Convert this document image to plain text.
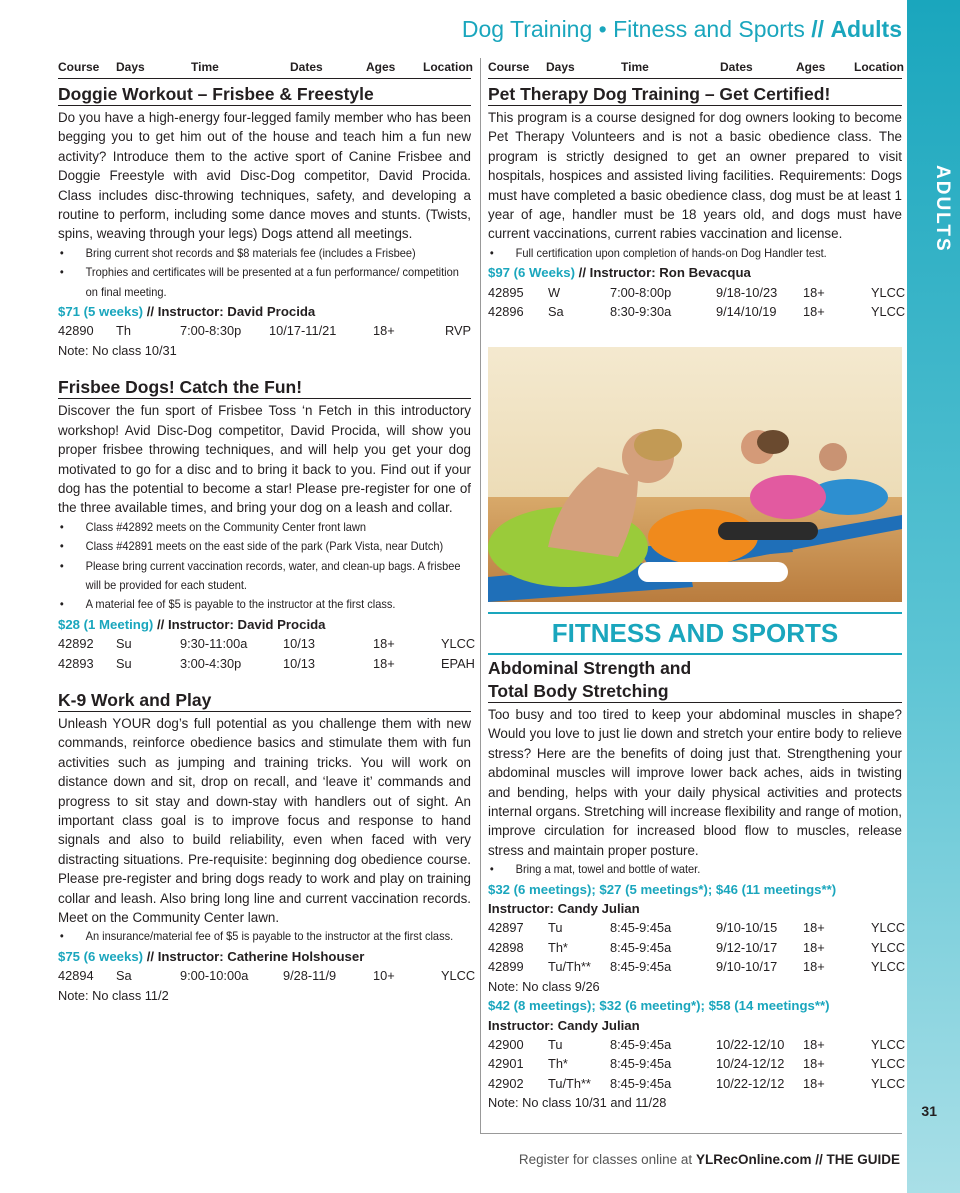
ADULTS
31
Dog Training • Fitness and Sports // Adults
Course	Days	Time	Dates	Ages	Location
Doggie Workout – Frisbee & Freestyle

Do you have a high-energy four-legged family member who has been begging you to get him out of the house and teach him a fun new activity? Introduce them to the active sport of Canine Frisbee and Doggie Freestyle with avid Disc-Dog competitor, David Procida. Class includes disc-throwing techniques, safety, and developing a routine to perform, including some dance moves and stunts. (Twists, spins, weaving through your legs) Dogs attend all meetings.

• Bring current shot records and $8 materials fee (includes a Frisbee)
• Trophies and certificates will be presented at a fun performance/ competition on final meeting.
$71 (5 weeks) // Instructor: David Procida
42890	Th	7:00-8:30p	10/17-11/21	18+	RVP
Note: No class 10/31
Frisbee Dogs! Catch the Fun!

Discover the fun sport of Frisbee Toss ‘n Fetch in this introductory workshop! Avid Disc-Dog competitor, David Procida, will show you proper frisbee throwing techniques, and will help you get your dog motivated to go for a disc and to bring it back to you. Find out if your dog has the potential to become a star! Please pre-register for one of the three available times, and bring your dog on a leash and collar.

• Class #42892 meets on the Community Center front lawn
• Class #42891 meets on the east side of the park (Park Vista, near Dutch)
• Please bring current vaccination records, water, and clean-up bags. A frisbee will be provided for each student.
• A material fee of $5 is payable to the instructor at the first class.
$28 (1 Meeting) // Instructor: David Procida
42892	Su	9:30-11:00a	10/13	18+	YLCC
42893	Su	3:00-4:30p	10/13	18+	EPAH
K-9 Work and Play

Unleash YOUR dog’s full potential as you challenge them with new commands, reinforce obedience basics and stimulate them with fun activities such as jumping and training tricks. You will work on distance down and sit, drop on recall, and ‘leave it’ commands and progress to sit stay and down-stay with handlers out of sight. An important class goal is to improve focus and response to hand signals and also to build reliability, even when faced with very distracting situations. Pre-requisite: beginning dog obedience course. Please pre-register and bring dogs ready to work and play on training collar and leash. Also bring long line and current vaccination records. Meet on the Community Center lawn.

• An insurance/material fee of $5 is payable to the instructor at the first class.
$75 (6 weeks) // Instructor: Catherine Holshouser
42894	Sa	9:00-10:00a	9/28-11/9	10+	YLCC
Note: No class 11/2
Course	Days	Time	Dates	Ages	Location
Pet Therapy Dog Training – Get Certified!

This program is a course designed for dog owners looking to become Pet Therapy Volunteers and is not a basic obedience class. The program is strictly designed to get an owner prepared to visit hospitals, hospices and assisted living facilities. Requirements: Dogs must have completed a basic obedience class, dog must be at least 1 year of age, handler must be 18 years old, and dogs must have current vaccinations, current rabies vaccination and license.

• Full certification upon completion of hands-on Dog Handler test.
$97 (6 Weeks) // Instructor: Ron Bevacqua
42895	W	7:00-8:00p	9/18-10/23	18+	YLCC
42896	Sa	8:30-9:30a	9/14/10/19	18+	YLCC
FITNESS AND SPORTS
Abdominal Strength and
Total Body Stretching

Too busy and too tired to keep your abdominal muscles in shape? Would you love to just lie down and stretch your entire body to relieve stress? Here are the benefits of doing just that. Strengthening your abdominal muscles will improve lower back aches, aids in twisting and bending, helps with your daily physical activities and protects internal organs. Stretching will increase flexibility and range of motion, improve circulation for increased blood flow to muscles, release stress and maintain proper posture.

• Bring a mat, towel and bottle of water.
$32 (6 meetings); $27 (5 meetings*); $46 (11 meetings**)
Instructor: Candy Julian
42897	Tu	8:45-9:45a	9/10-10/15	18+	YLCC
42898	Th*	8:45-9:45a	9/12-10/17	18+	YLCC
42899	Tu/Th**	8:45-9:45a	9/10-10/17	18+	YLCC
Note: No class 9/26
$42 (8 meetings); $32 (6 meeting*); $58 (14 meetings**)
Instructor: Candy Julian
42900	Tu	8:45-9:45a	10/22-12/10	18+	YLCC
42901	Th*	8:45-9:45a	10/24-12/12	18+	YLCC
42902	Tu/Th**	8:45-9:45a	10/22-12/12	18+	YLCC
Note: No class 10/31 and 11/28
Register for classes online at YLRecOnline.com // THE GUIDE
